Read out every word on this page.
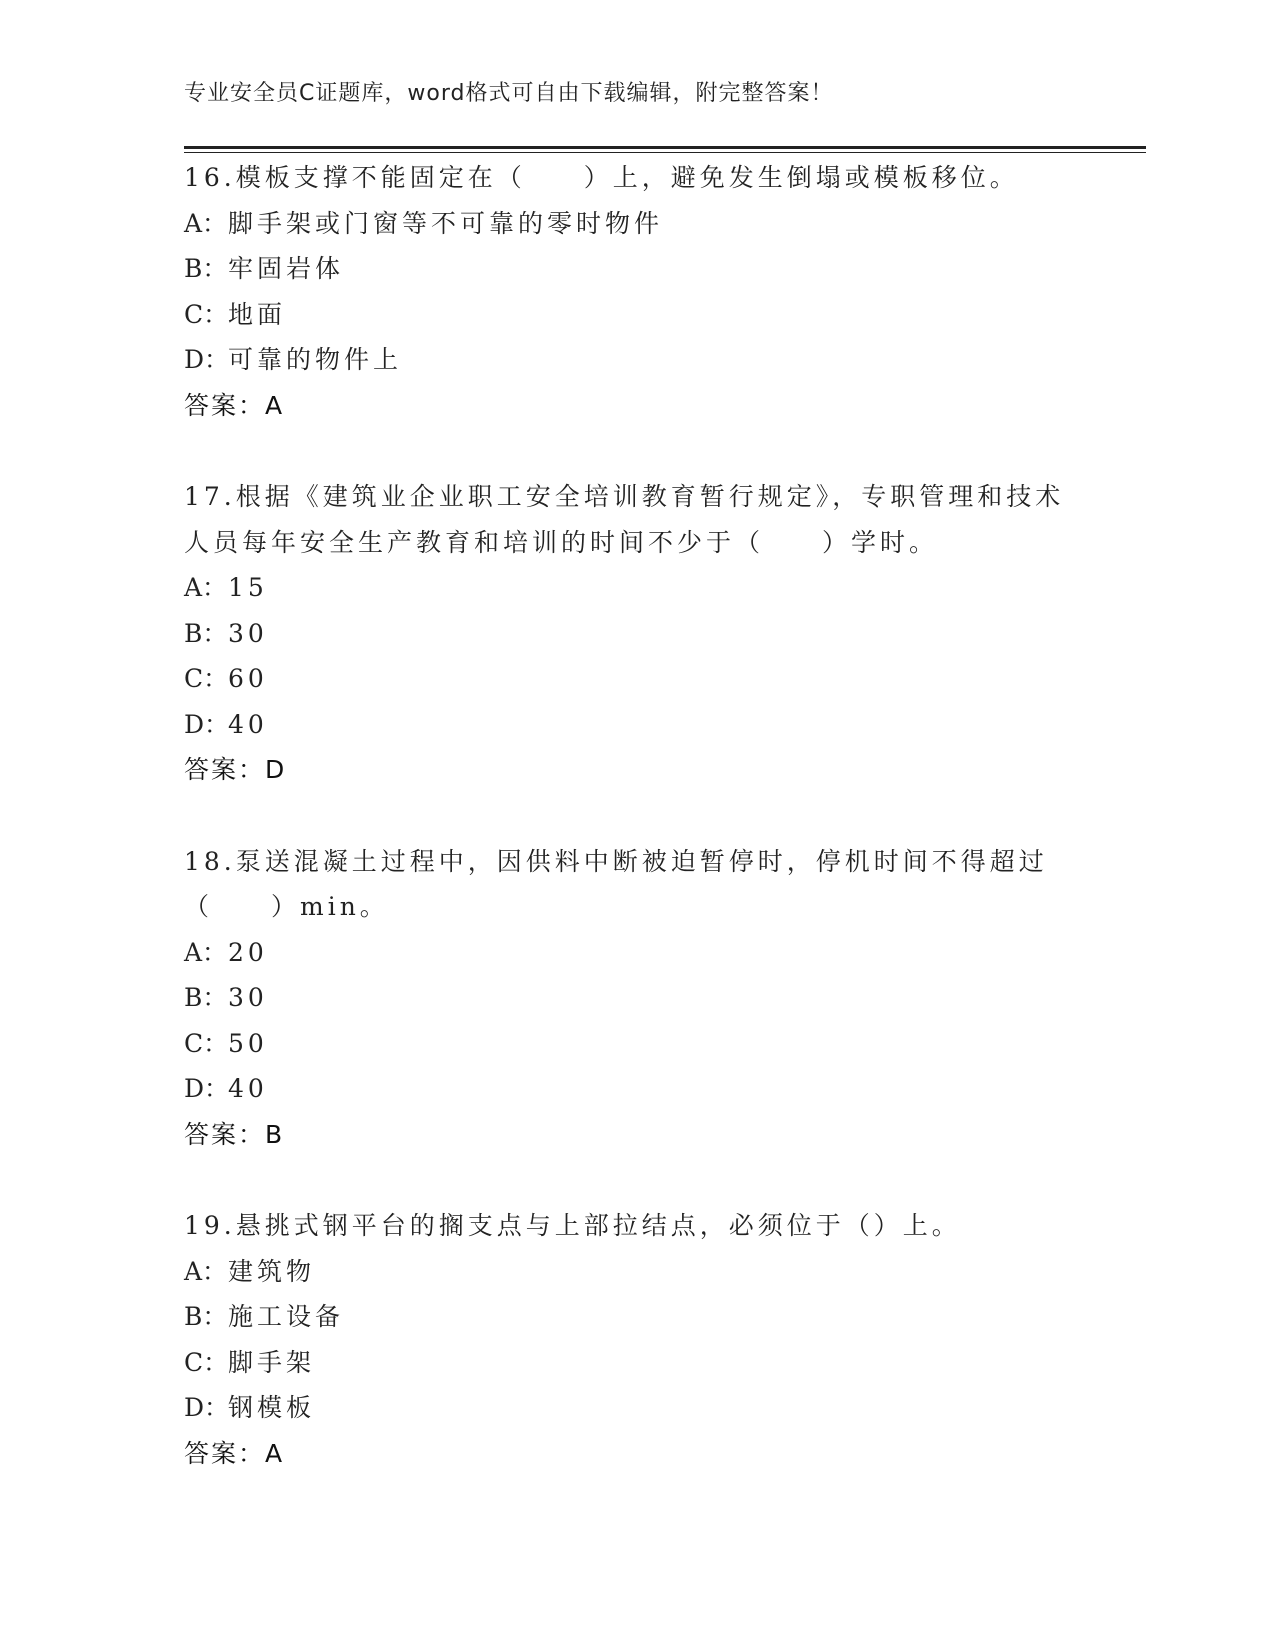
专业安全员C证题库，word格式可自由下载编辑，附完整答案！
16.模板支撑不能固定在（　　）上，避免发生倒塌或模板移位。
A：脚手架或门窗等不可靠的零时物件
B：牢固岩体
C：地面
D：可靠的物件上
答案：A
17.根据《建筑业企业职工安全培训教育暂行规定》，专职管理和技术人员每年安全生产教育和培训的时间不少于（　　）学时。
A：15
B：30
C：60
D：40
答案：D
18.泵送混凝土过程中，因供料中断被迫暂停时，停机时间不得超过（　　）min。
A：20
B：30
C：50
D：40
答案：B
19.悬挑式钢平台的搁支点与上部拉结点，必须位于（）上。
A：建筑物
B：施工设备
C：脚手架
D：钢模板
答案：A
